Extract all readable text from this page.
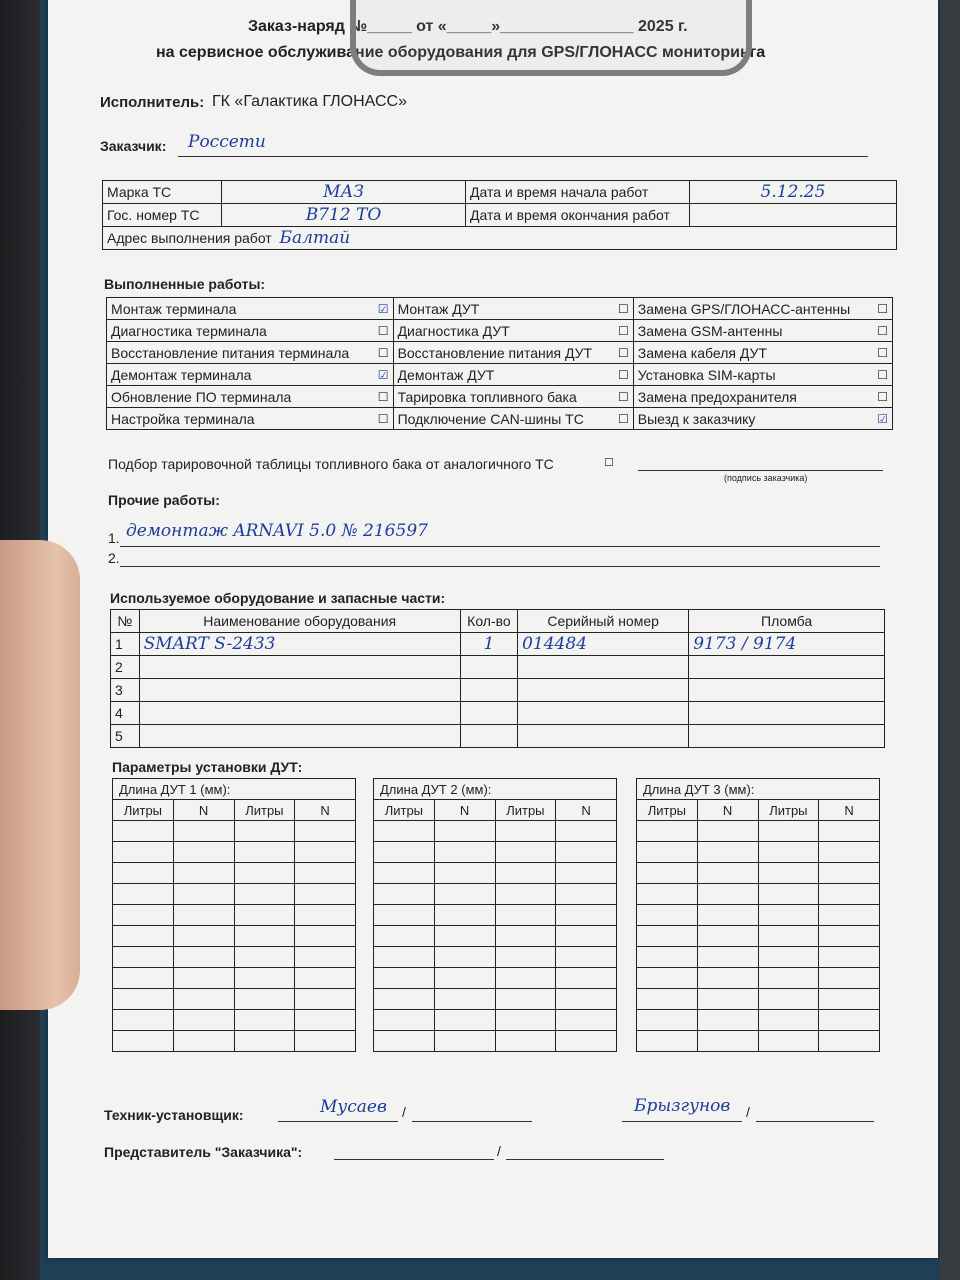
Заказ-наряд №_____ от «_____»_______________ 2025 г.
на сервисное обслуживание оборудования для GPS/ГЛОНАСС мониторинга
Исполнитель: ГК «Галактика ГЛОНАСС»
Заказчик: Россети
Марка ТС	МАЗ	Дата и время начала работ	5.12.25
Гос. номер ТС	В712 ТО	Дата и время окончания работ	
Адрес выполнения работ Балтай			
Выполненные работы:
Монтаж терминала	☑	Монтаж ДУТ	☐	Замена GPS/ГЛОНАСС-антенны	☐
Диагностика терминала	☐	Диагностика ДУТ	☐	Замена GSM-антенны	☐
Восстановление питания терминала	☐	Восстановление питания ДУТ	☐	Замена кабеля ДУТ	☐
Демонтаж терминала	☑	Демонтаж ДУТ	☐	Установка SIM-карты	☐
Обновление ПО терминала	☐	Тарировка топливного бака	☐	Замена предохранителя	☐
Настройка терминала	☐	Подключение CAN-шины ТС	☐	Выезд к заказчику	☑
Подбор тарировочной таблицы топливного бака от аналогичного ТС	☐
(подпись заказчика)
Прочие работы:
1. демонтаж ARNAVI 5.0 № 216597
2.
Используемое оборудование и запасные части:
№	Наименование оборудования	Кол-во	Серийный номер	Пломба
1	SMART S-2433	1	014484	9173 / 9174
2				
3				
4				
5				
Параметры установки ДУТ:
Длина ДУТ 1 (мм):			
Литры	N	Литры	N

Длина ДУТ 2 (мм):			
Литры	N	Литры	N

Длина ДУТ 3 (мм):			
Литры	N	Литры	N

Техник-установщик:	Мусаев /	Брызгунов /
Представитель "Заказчика":	/
